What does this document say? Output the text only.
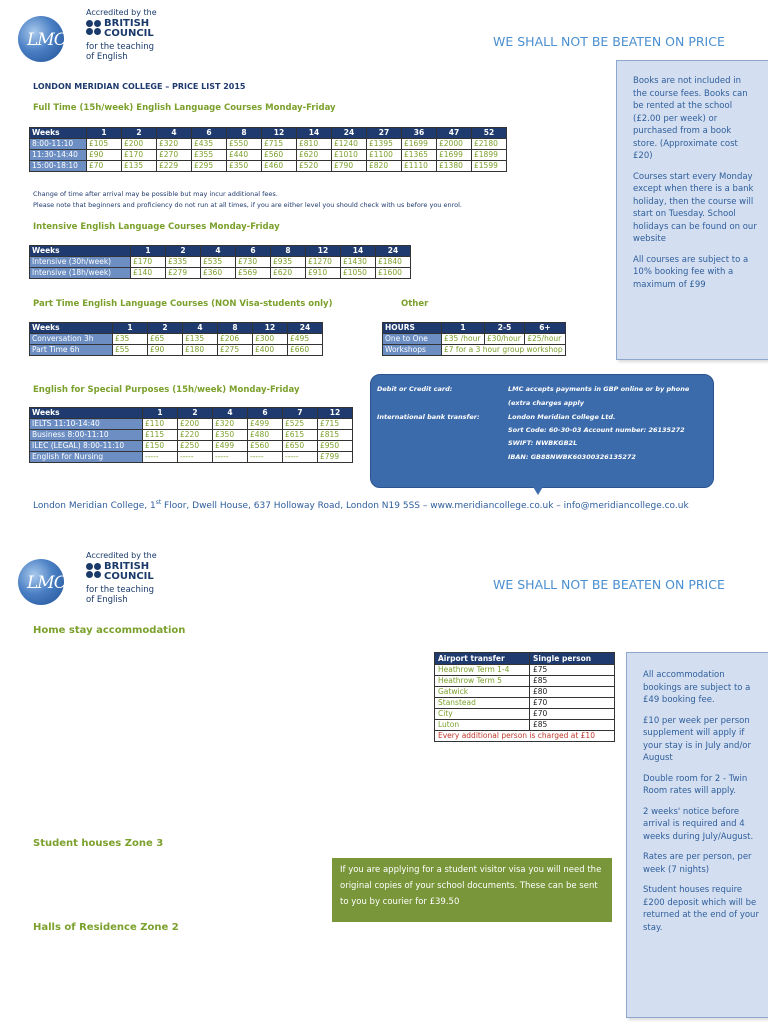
LMC
Accredited by the
BRITISH
COUNCIL
for the teaching
of English
WE SHALL NOT BE BEATEN ON PRICE
LONDON MERIDIAN COLLEGE – PRICE LIST 2015
Full Time (15h/week) English Language Courses Monday-Friday
Weeks	1	2	4	6	8	12	14	24	27	36	47	52
8:00-11:10	£105	£200	£320	£435	£550	£715	£810	£1240	£1395	£1699	£2000	£2180
11:30-14:40	£90	£170	£270	£355	£440	£560	£620	£1010	£1100	£1365	£1699	£1899
15:00-18:10	£70	£135	£229	£295	£350	£460	£520	£790	£820	£1110	£1380	£1599
Change of time after arrival may be possible but may incur additional fees.
Please note that beginners and proficiency do not run at all times, if you are either level you should check with us before you enrol.
Intensive English Language Courses Monday-Friday
Weeks	1	2	4	6	8	12	14	24
Intensive (30h/week)	£170	£335	£535	£730	£935	£1270	£1430	£1840
Intensive (18h/week)	£140	£279	£360	£569	£620	£910	£1050	£1600
Part Time English Language Courses (NON Visa-students only)	Other
Weeks	1	2	4	8	12	24
Conversation 3h	£35	£65	£135	£206	£300	£495
Part Time 6h	£55	£90	£180	£275	£400	£660
HOURS	1	2-5	6+
One to One	£35 /hour	£30/hour	£25/hour
Workshops	£7 for a 3 hour group workshop		
English for Special Purposes (15h/week) Monday-Friday
Weeks	1	2	4	6	7	12
IELTS 11:10-14:40	£110	£200	£320	£499	£525	£715
Business 8:00-11:10	£115	£220	£350	£480	£615	£815
ILEC (LEGAL) 8:00-11:10	£150	£250	£499	£560	£650	£950
English for Nursing	-----	-----	-----	-----	-----	£799

Books are not included in the course fees. Books can be rented at the school (£2.00 per week) or purchased from a book store. (Approximate cost £20)

Courses start every Monday except when there is a bank holiday, then the course will start on Tuesday. School holidays can be found on our website

All courses are subject to a 10% booking fee with a maximum of £99

Debit or Credit card:	LMC accepts payments in GBP online or by phone
(extra charges apply
International bank transfer:	London Meridian College Ltd.
Sort Code: 60-30-03 Account number: 26135272
SWIFT: NWBKGB2L
IBAN: GB88NWBK60300326135272
London Meridian College, 1st Floor, Dwell House, 637 Holloway Road, London N19 5SS – www.meridiancollege.co.uk – info@meridiancollege.co.uk
LMC
Accredited by the
BRITISH
COUNCIL
for the teaching
of English
WE SHALL NOT BE BEATEN ON PRICE
Home stay accommodation
Airport transfer	Single person
Heathrow Term 1-4	£75
Heathrow Term 5	£85
Gatwick	£80
Stanstead	£70
City	£70
Luton	£85
Every additional person is charged at £10	

All accommodation bookings are subject to a £49 booking fee.

£10 per week per person supplement will apply if your stay is in July and/or August

Double room for 2 - Twin Room rates will apply.

2 weeks' notice before arrival is required and 4 weeks during July/August.

Rates are per person, per week (7 nights)

Student houses require £200 deposit which will be returned at the end of your stay.

Student houses Zone 3
If you are applying for a student visitor visa you will need the original copies of your school documents. These can be sent to you by courier for £39.50
Halls of Residence Zone 2
